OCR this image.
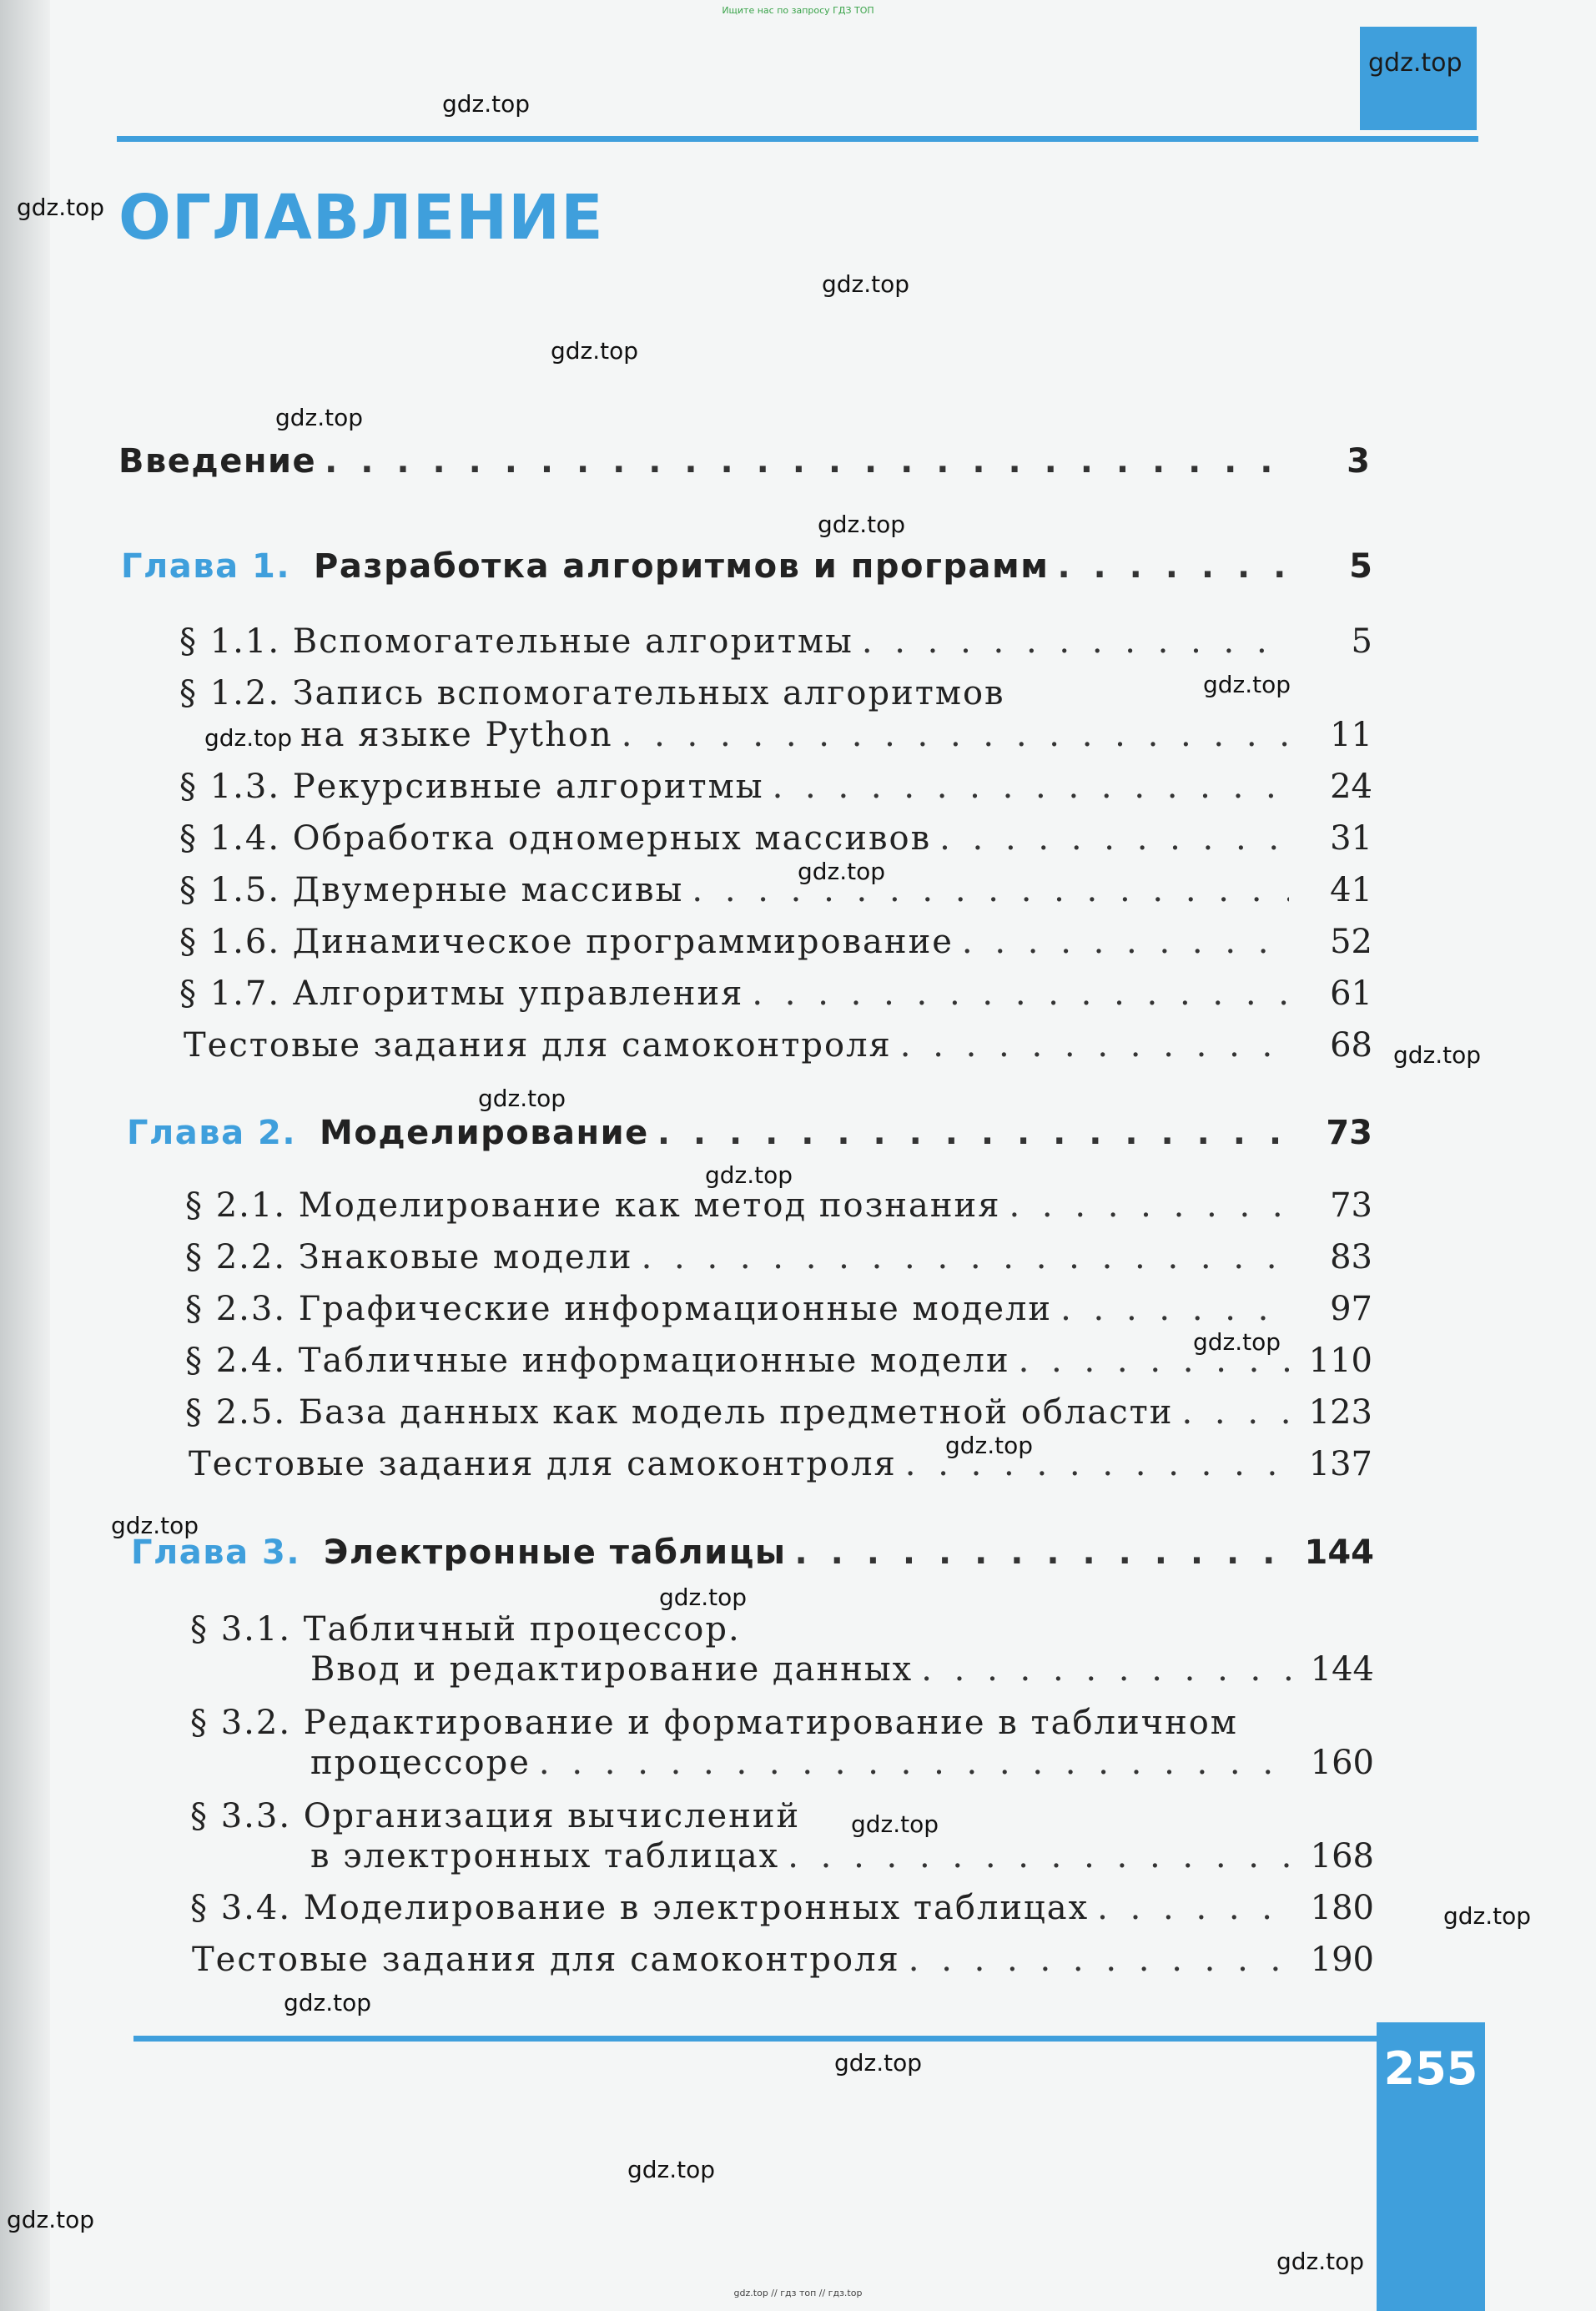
Ищите нас по запросу ГДЗ ТОП
gdz.top
ОГЛАВЛЕНИЕ
Введение . . .	3
Глава 1. Разработка алгоритмов и программ . . .	5
§ 1.1. Вспомогательные алгоритмы . . .	5
§ 1.2. Запись вспомогательных алгоритмов
на языке Python . . .	11
§ 1.3. Рекурсивные алгоритмы . . .	24
§ 1.4. Обработка одномерных массивов . . .	31
§ 1.5. Двумерные массивы . . .	41
§ 1.6. Динамическое программирование . . .	52
§ 1.7. Алгоритмы управления . . .	61
Тестовые задания для самоконтроля . . .	68
Глава 2. Моделирование . . .	73
§ 2.1. Моделирование как метод познания . . .	73
§ 2.2. Знаковые модели . . .	83
§ 2.3. Графические информационные модели . . .	97
§ 2.4. Табличные информационные модели . . .	110
§ 2.5. База данных как модель предметной области . . .	123
Тестовые задания для самоконтроля . . .	137
Глава 3. Электронные таблицы . . .	144
§ 3.1. Табличный процессор.
Ввод и редактирование данных . . .	144
§ 3.2. Редактирование и форматирование в табличном
процессоре . . .	160
§ 3.3. Организация вычислений
в электронных таблицах . . .	168
§ 3.4. Моделирование в электронных таблицах . . .	180
Тестовые задания для самоконтроля . . .	190
255
gdz.top
gdz.top
gdz.top
gdz.top
gdz.top
gdz.top
gdz.top
gdz.top
gdz.top
gdz.top
gdz.top
gdz.top
gdz.top
gdz.top
gdz.top
gdz.top
gdz.top
gdz.top
gdz.top
gdz.top
gdz.top
gdz.top
gdz.top
gdz.top // гдз топ // гдз.top
